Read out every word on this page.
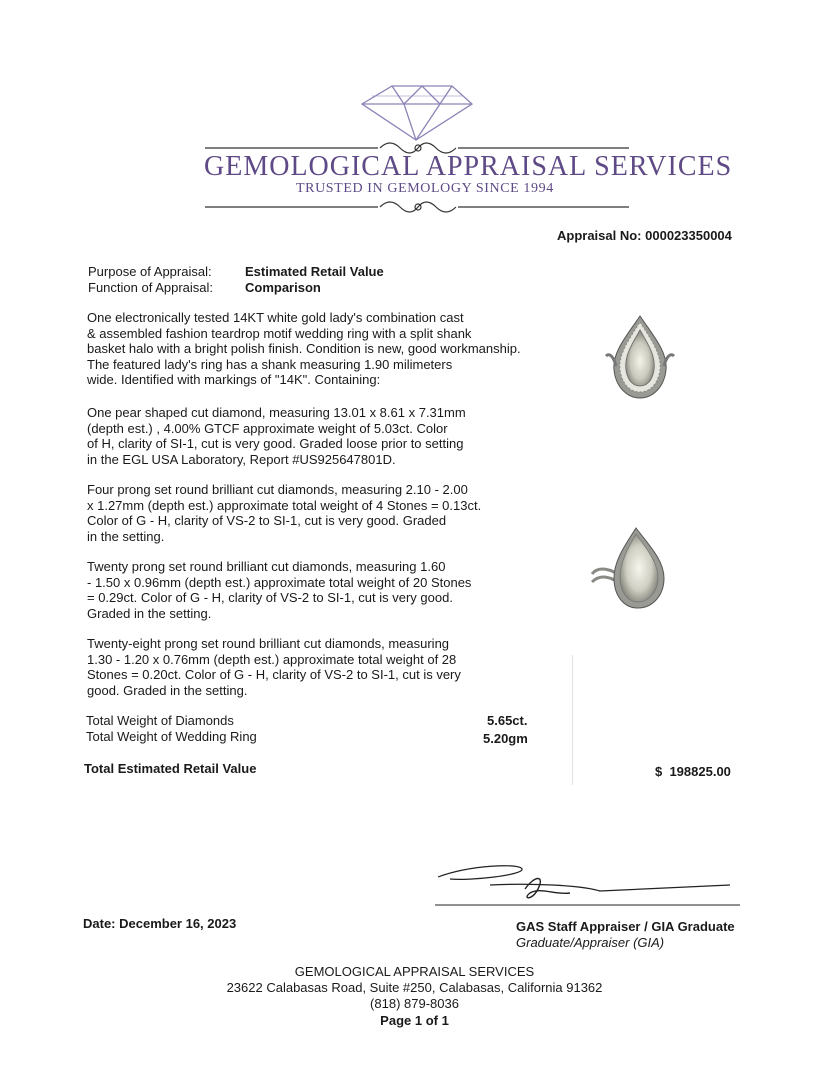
GEMOLOGICAL APPRAISAL SERVICES
TRUSTED IN GEMOLOGY SINCE 1994
Appraisal No: 000023350004
Purpose of Appraisal:	Estimated Retail Value
Function of Appraisal: Comparison
One electronically tested 14KT white gold lady's combination cast
& assembled fashion teardrop motif wedding ring with a split shank
basket halo with a bright polish finish. Condition is new, good workmanship.
The featured lady's ring has a shank measuring 1.90 milimeters
wide. Identified with markings of "14K". Containing:
One pear shaped cut diamond, measuring 13.01 x 8.61 x 7.31mm
(depth est.) , 4.00% GTCF approximate weight of 5.03ct. Color
of H, clarity of SI-1, cut is very good. Graded loose prior to setting
in the EGL USA Laboratory, Report #US925647801D.
Four prong set round brilliant cut diamonds, measuring 2.10 - 2.00
x 1.27mm (depth est.) approximate total weight of 4 Stones = 0.13ct.
Color of G - H, clarity of VS-2 to SI-1, cut is very good. Graded
in the setting.
Twenty prong set round brilliant cut diamonds, measuring 1.60
- 1.50 x 0.96mm (depth est.) approximate total weight of 20 Stones
= 0.29ct. Color of G - H, clarity of VS-2 to SI-1, cut is very good.
Graded in the setting.
Twenty-eight prong set round brilliant cut diamonds, measuring
1.30 - 1.20 x 0.76mm (depth est.) approximate total weight of 28
Stones = 0.20ct. Color of G - H, clarity of VS-2 to SI-1, cut is very
good. Graded in the setting.
Total Weight of Diamonds	5.65ct.
Total Weight of Wedding Ring	5.20gm
Total Estimated Retail Value	$  198825.00
Date: December 16, 2023	GAS Staff Appraiser / GIA Graduate
Graduate/Appraiser (GIA)
GEMOLOGICAL APPRAISAL SERVICES
23622 Calabasas Road, Suite #250, Calabasas, California 91362
(818) 879-8036
Page 1 of 1
